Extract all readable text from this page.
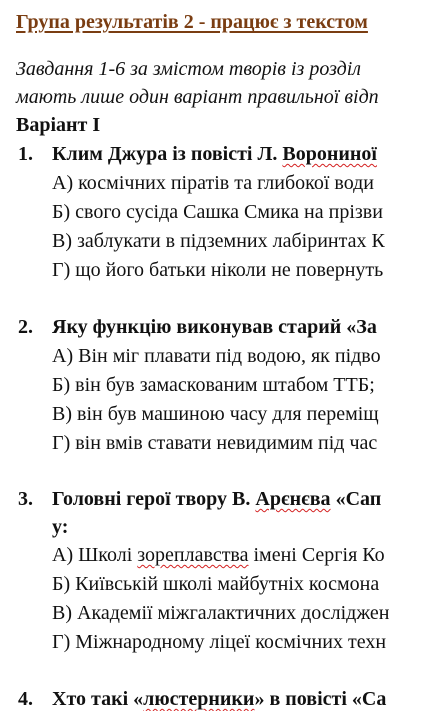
Група результатів 2 - працює з текстом
Завдання 1-6 за змістом творів із розділ
мають лише один варіант правильної відп
Варіант І
1. Клим Джура із повісті Л. Ворониної
А) космічних піратів та глибокої води
Б) свого сусіда Сашка Смика на прізви
В) заблукати в підземних лабіринтах К
Г) що його батьки ніколи не повернуть
2. Яку функцію виконував старий «За
А) Він міг плавати під водою, як підво
Б) він був замаскованим штабом ТТБ;
В) він був машиною часу для переміщ
Г) він вмів ставати невидимим під час
3. Головні герої твору В. Арєнєва «Сап
у:
А) Школі зореплавства імені Сергія Ко
Б) Київській школі майбутніх космона
В) Академії міжгалактичних досліджен
Г) Міжнародному ліцеї космічних техн
4. Хто такі «люстерники» в повісті «Са
